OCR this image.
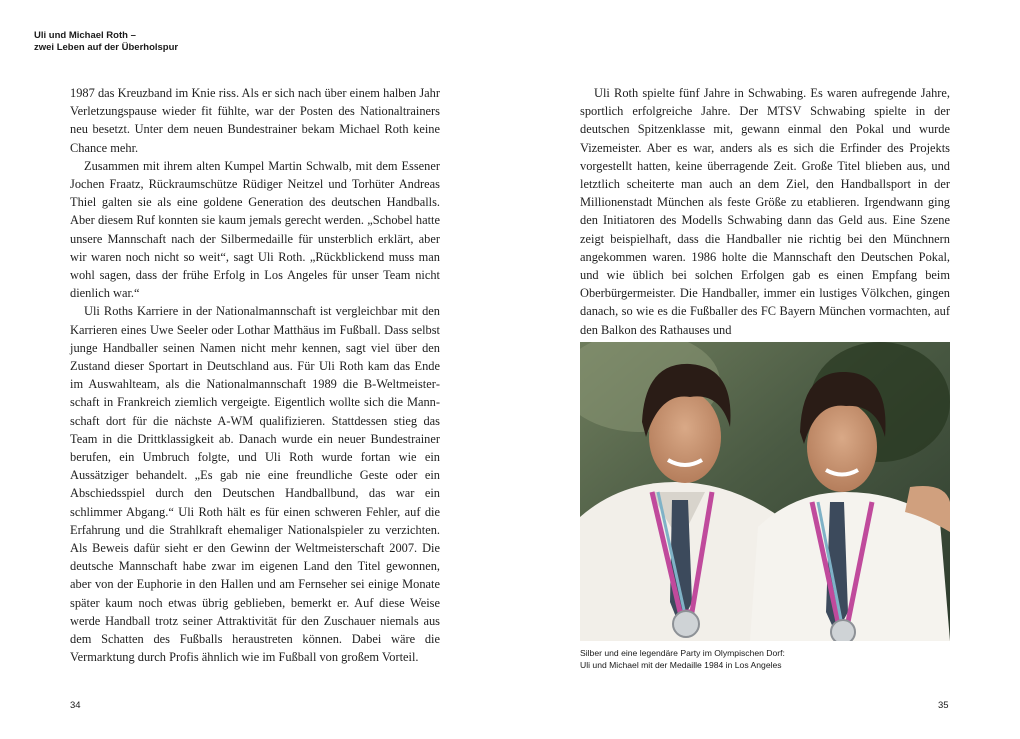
Uli und Michael Roth –
zwei Leben auf der Überholspur

1987 das Kreuzband im Knie riss. Als er sich nach über einem halben Jahr Verletzungspause wieder fit fühlte, war der Posten des Nationaltrainers neu besetzt. Unter dem neuen Bundestrainer bekam Michael Roth keine Chance mehr.

Zusammen mit ihrem alten Kumpel Martin Schwalb, mit dem Essener Jochen Fraatz, Rückraumschütze Rüdiger Neitzel und Torhüter Andreas Thiel galten sie als eine goldene Generation des deutschen Handballs. Aber diesem Ruf konnten sie kaum jemals gerecht werden. „Schobel hatte unsere Mannschaft nach der Silbermedaille für unsterblich erklärt, aber wir waren noch nicht so weit“, sagt Uli Roth. „Rückblickend muss man wohl sagen, dass der frühe Erfolg in Los Angeles für unser Team nicht dienlich war.“

Uli Roths Karriere in der Nationalmannschaft ist vergleichbar mit den Karrieren eines Uwe Seeler oder Lothar Matthäus im Fußball. Dass selbst junge Handballer seinen Namen nicht mehr kennen, sagt viel über den Zustand dieser Sportart in Deutschland aus. Für Uli Roth kam das Ende im Auswahlteam, als die Nationalmannschaft 1989 die B-Weltmeisterschaft in Frankreich ziemlich vergeigte. Eigentlich wollte sich die Mannschaft dort für die nächste A-WM qualifizieren. Stattdessen stieg das Team in die Drittklassigkeit ab. Danach wurde ein neuer Bundestrainer berufen, ein Umbruch folgte, und Uli Roth wurde fortan wie ein Aussätziger behandelt. „Es gab nie eine freundliche Geste oder ein Abschiedsspiel durch den Deutschen Handballbund, das war ein schlimmer Abgang.“ Uli Roth hält es für einen schweren Fehler, auf die Erfahrung und die Strahlkraft ehemaliger Nationalspieler zu verzichten. Als Beweis dafür sieht er den Gewinn der Weltmeisterschaft 2007. Die deutsche Mannschaft habe zwar im eigenen Land den Titel gewonnen, aber von der Euphorie in den Hallen und am Fernseher sei einige Monate später kaum noch etwas übrig geblieben, bemerkt er. Auf diese Weise werde Handball trotz seiner Attraktivität für den Zuschauer niemals aus dem Schatten des Fußballs heraustreten können. Dabei wäre die Vermarktung durch Profis ähnlich wie im Fußball von großem Vorteil.

Uli Roth spielte fünf Jahre in Schwabing. Es waren aufregende Jahre, sportlich erfolgreiche Jahre. Der MTSV Schwabing spielte in der deutschen Spitzenklasse mit, gewann einmal den Pokal und wurde Vizemeister. Aber es war, anders als es sich die Erfinder des Projekts vorgestellt hatten, keine überragende Zeit. Große Titel blieben aus, und letztlich scheiterte man auch an dem Ziel, den Handballsport in der Millionenstadt München als feste Größe zu etablieren. Irgendwann ging den Initiatoren des Modells Schwabing dann das Geld aus. Eine Szene zeigt beispielhaft, dass die Handballer nie richtig bei den Münchnern angekommen waren. 1986 holte die Mannschaft den Deutschen Pokal, und wie üblich bei solchen Erfolgen gab es einen Empfang beim Oberbürgermeister. Die Handballer, immer ein lustiges Völkchen, gingen danach, so wie es die Fußballer des FC Bayern München vormachten, auf den Balkon des Rathauses und

Silber und eine legendäre Party im Olympischen Dorf:
Uli und Michael mit der Medaille 1984 in Los Angeles
34	35
